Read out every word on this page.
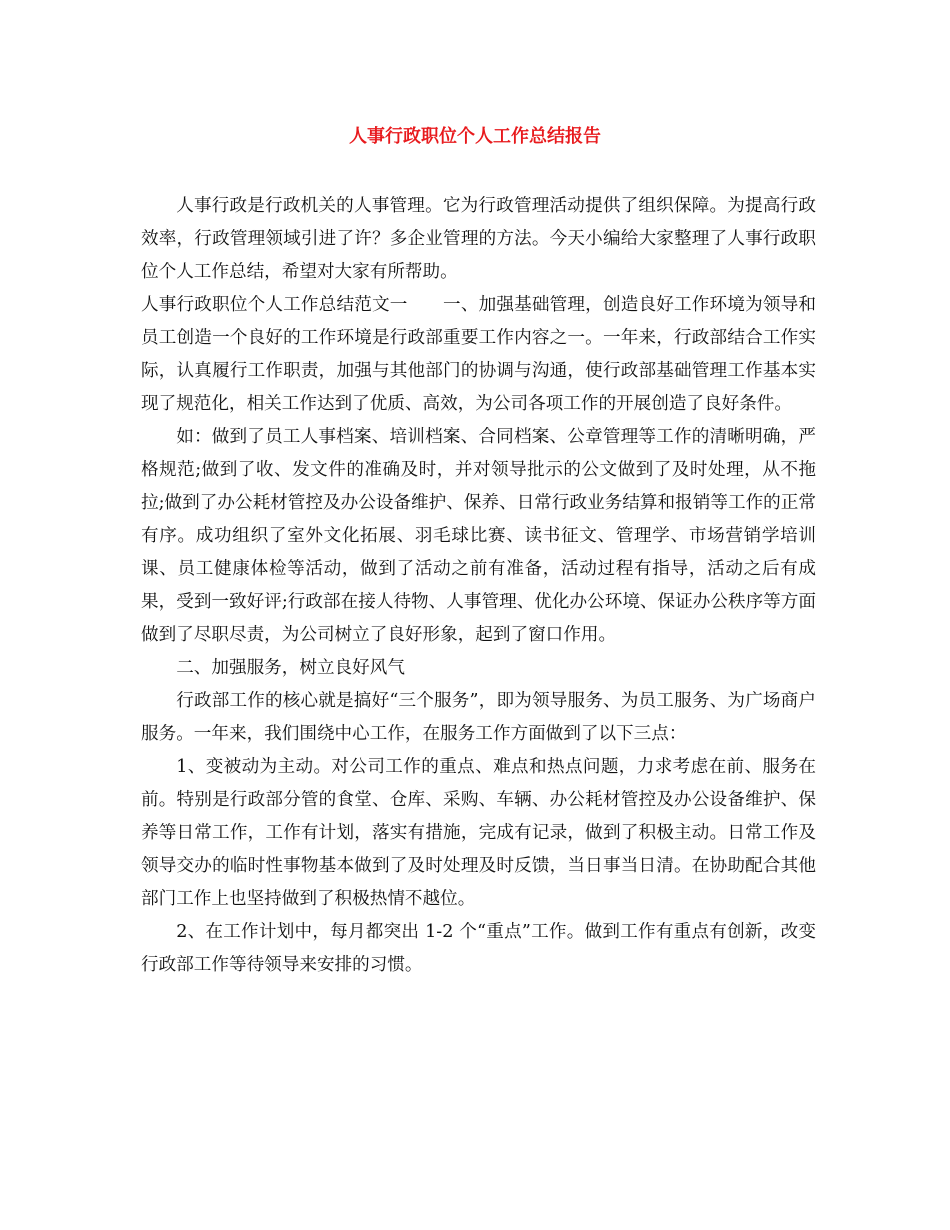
人事行政职位个人工作总结报告

人事行政是行政机关的人事管理。它为行政管理活动提供了组织保障。为提高行政效率，行政管理领域引进了许？多企业管理的方法。今天小编给大家整理了人事行政职位个人工作总结，希望对大家有所帮助。

人事行政职位个人工作总结范文一　　一、加强基础管理，创造良好工作环境为领导和员工创造一个良好的工作环境是行政部重要工作内容之一。一年来，行政部结合工作实际，认真履行工作职责，加强与其他部门的协调与沟通，使行政部基础管理工作基本实现了规范化，相关工作达到了优质、高效，为公司各项工作的开展创造了良好条件。

如：做到了员工人事档案、培训档案、合同档案、公章管理等工作的清晰明确，严格规范;做到了收、发文件的准确及时，并对领导批示的公文做到了及时处理，从不拖拉;做到了办公耗材管控及办公设备维护、保养、日常行政业务结算和报销等工作的正常有序。成功组织了室外文化拓展、羽毛球比赛、读书征文、管理学、市场营销学培训课、员工健康体检等活动，做到了活动之前有准备，活动过程有指导，活动之后有成果，受到一致好评;行政部在接人待物、人事管理、优化办公环境、保证办公秩序等方面做到了尽职尽责，为公司树立了良好形象，起到了窗口作用。

二、加强服务，树立良好风气

行政部工作的核心就是搞好“三个服务”，即为领导服务、为员工服务、为广场商户服务。一年来，我们围绕中心工作，在服务工作方面做到了以下三点：

1、变被动为主动。对公司工作的重点、难点和热点问题，力求考虑在前、服务在前。特别是行政部分管的食堂、仓库、采购、车辆、办公耗材管控及办公设备维护、保养等日常工作，工作有计划，落实有措施，完成有记录，做到了积极主动。日常工作及领导交办的临时性事物基本做到了及时处理及时反馈，当日事当日清。在协助配合其他部门工作上也坚持做到了积极热情不越位。

2、在工作计划中，每月都突出 1-2 个“重点”工作。做到工作有重点有创新，改变行政部工作等待领导来安排的习惯。
